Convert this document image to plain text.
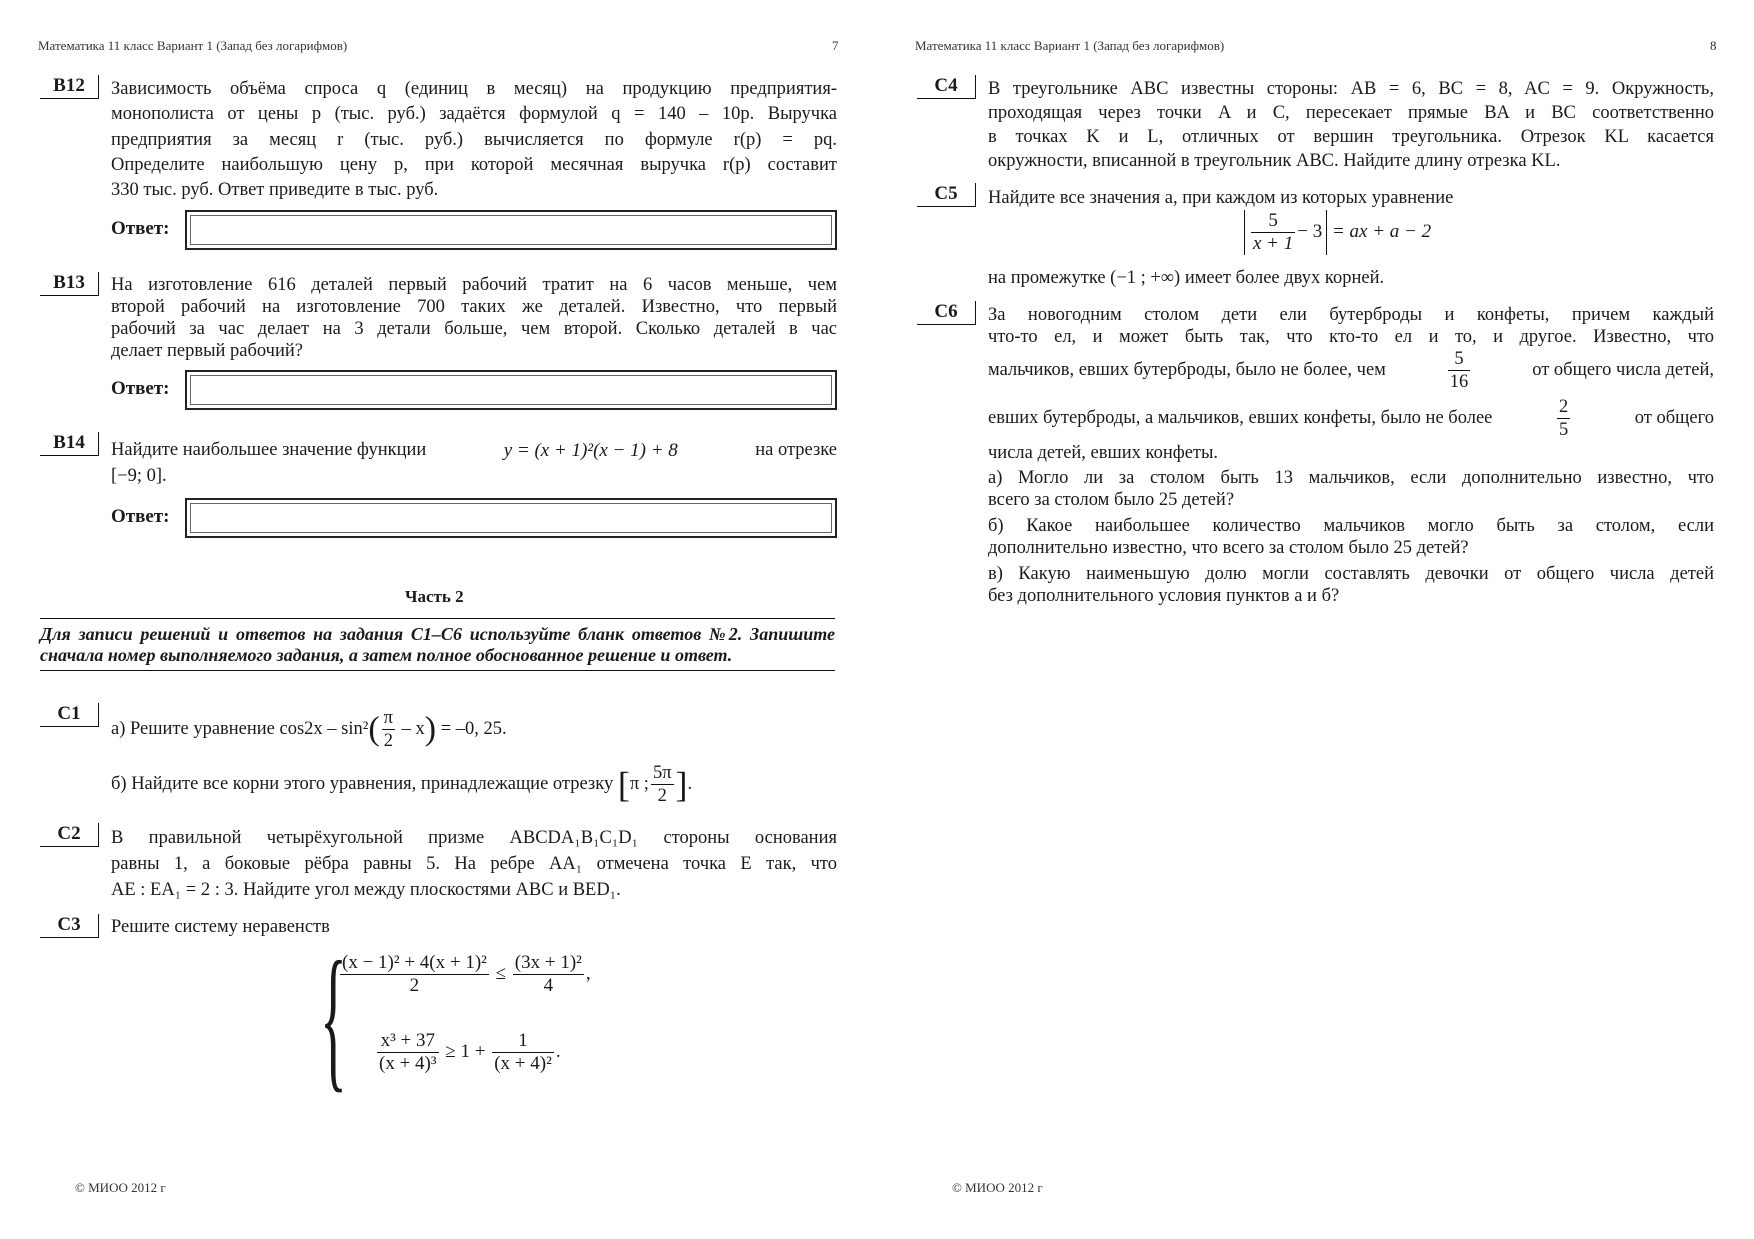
Математика 11 класс Вариант 1 (Запад без логарифмов)	7
B12	Зависимость объёма спроса q (единиц в месяц) на продукцию предприятия-
монополиста от цены p (тыс. руб.) задаётся формулой q = 140 – 10p. Выручка
предприятия за месяц r (тыс. руб.) вычисляется по формуле r(p) = pq.
Определите наибольшую цену p, при которой месячная выручка r(p) составит
330 тыс. руб. Ответ приведите в тыс. руб.
Ответ:
B13	На изготовление 616 деталей первый рабочий тратит на 6 часов меньше, чем
второй рабочий на изготовление 700 таких же деталей. Известно, что первый
рабочий за час делает на 3 детали больше, чем второй. Сколько деталей в час
делает первый рабочий?
Ответ:
B14	Найдите наибольшее значение функции	y = (x + 1)²(x − 1) + 8	на отрезке
[−9; 0].
Ответ:
Часть 2
Для записи решений и ответов на задания С1–С6 используйте бланк ответов №2. Запишите сначала номер выполняемого задания, а затем полное обоснованное решение и ответ.
C1
а) Решите уравнение $\cos 2x - \sin^2( \frac{\pi}{2} - x) = -0$, 25.
б) Найдите все корни этого уравнения, принадлежащие отрезку [π ; $\frac{5\pi}{2}$ ].
C2	В правильной четырёхугольной призме ABCDA₁B₁C₁D₁ стороны основания
равны 1, а боковые рёбра равны 5. На ребре AA₁ отмечена точка E так, что
AE : EA₁ = 2 : 3. Найдите угол между плоскостями ABC и BED₁.
C3	Решите систему неравенств
{
$\frac{\text{(x − 1)² + 4(x + 1)²}}{2} \le \frac{\text{(3x + 1)²}}{4}$ ,
$\frac{\text{x³ + 37}}{\text{(x + 4)³}} \ge 1 + \frac{1}{\text{(x + 4)²}}$ .
© МИОО 2012 г
Математика 11 класс Вариант 1 (Запад без логарифмов)	8
C4	В треугольнике ABC известны стороны: AB = 6, BC = 8, AC = 9. Окружность,
проходящая через точки A и C, пересекает прямые BA и BC соответственно
в точках K и L, отличных от вершин треугольника. Отрезок KL касается
окружности, вписанной в треугольник ABC. Найдите длину отрезка KL.
C5	Найдите все значения a, при каждом из которых уравнение
$\frac{5}{x + 1} - 3$ = ax + a − 2
на промежутке (−1 ; +∞) имеет более двух корней.
C6	За новогодним столом дети ели бутерброды и конфеты, причем каждый
что-то ел, и может быть так, что кто-то ел и то, и другое. Известно, что
мальчиков, евших бутерброды, было не более, чем	$\frac{5}{16}$	от общего числа детей,
евших бутерброды, а мальчиков, евших конфеты, было не более	$\frac{2}{5}$	от общего
числа детей, евших конфеты.
а) Могло ли за столом быть 13 мальчиков, если дополнительно известно, что
всего за столом было 25 детей?
б) Какое наибольшее количество мальчиков могло быть за столом, если
дополнительно известно, что всего за столом было 25 детей?
в) Какую наименьшую долю могли составлять девочки от общего числа детей
без дополнительного условия пунктов а и б?
© МИОО 2012 г
